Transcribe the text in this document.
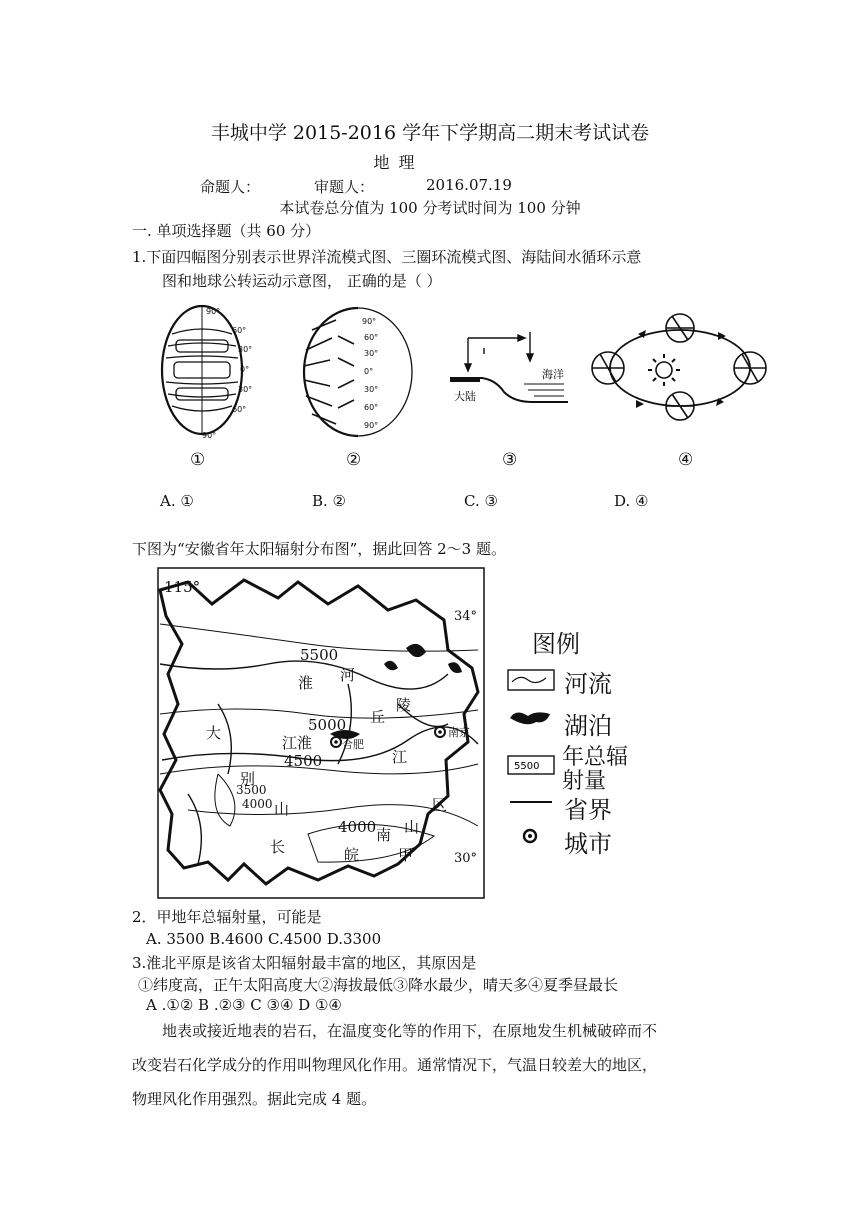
丰城中学 2015-2016 学年下学期高二期末考试试卷
地 理
命题人：	审题人：	2016.07.19
本试卷总分值为 100 分考试时间为 100 分钟
一. 单项选择题（共 60 分）
1.下面四幅图分别表示世界洋流模式图、三圈环流模式图、海陆间水循环示意
图和地球公转运动示意图， 正确的是（ ）
90°
60°
30°
0°
30°
60°
90°
①
90°
60°
30°
0°
30°
60°
90°
②
海洋
大陆
③	④
A. ①	B. ②	C. ③	D. ④
下图为“安徽省年太阳辐射分布图”，据此回答 2～3 题。
115°
34°
30°
5500
5000
4500
3500
4000
4000
淮 河
丘
陵
大
江淮	合肥
南京
江
别
山
长	皖
南 山
区
甲
图例
5500
河流
湖泊
年总辐
射量
省界
城市
2．甲地年总辐射量，可能是
A. 3500 B.4600 C.4500 D.3300
3.淮北平原是该省太阳辐射最丰富的地区，其原因是
①纬度高，正午太阳高度大②海拔最低③降水最少，晴天多④夏季昼最长
A .①② B .②③ C ③④ D ①④
地表或接近地表的岩石，在温度变化等的作用下，在原地发生机械破碎而不
改变岩石化学成分的作用叫物理风化作用。通常情况下，气温日较差大的地区，
物理风化作用强烈。据此完成 4 题。
